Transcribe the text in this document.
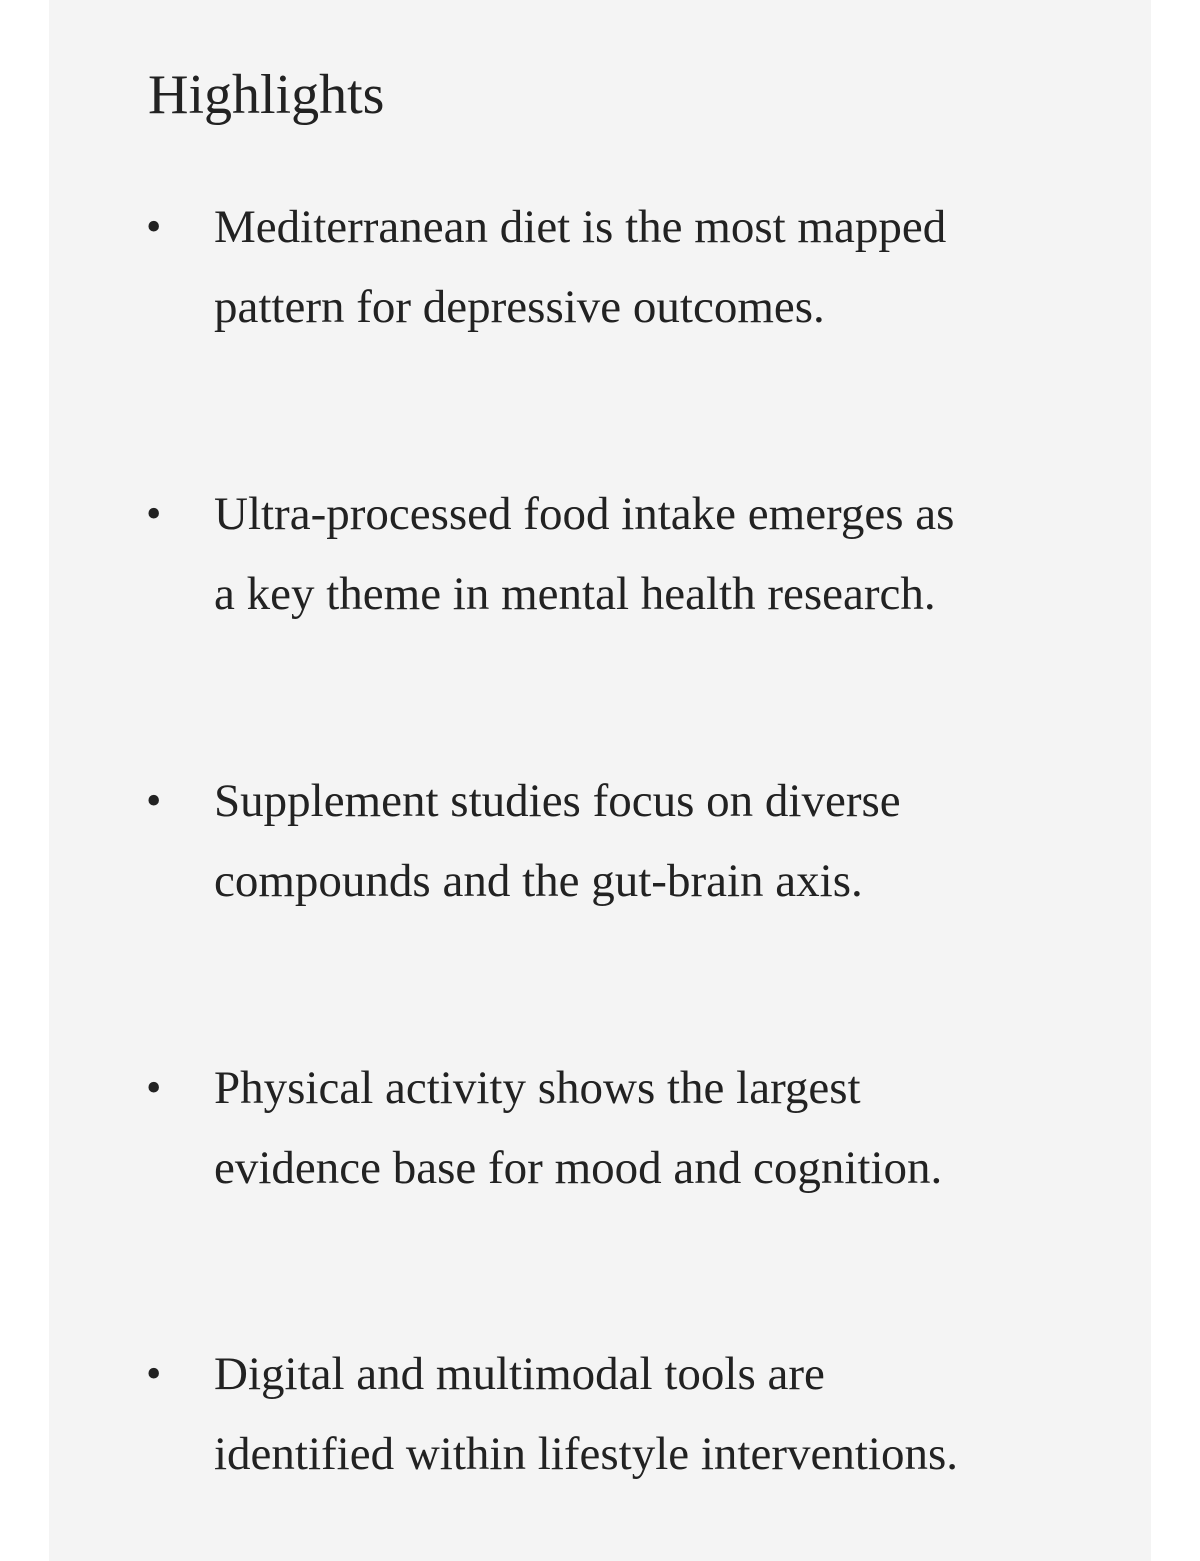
Highlights
• Mediterranean diet is the most mapped pattern for depressive outcomes.
• Ultra-processed food intake emerges as a key theme in mental health research.
• Supplement studies focus on diverse compounds and the gut-brain axis.
• Physical activity shows the largest evidence base for mood and cognition.
• Digital and multimodal tools are identified within lifestyle interventions.
